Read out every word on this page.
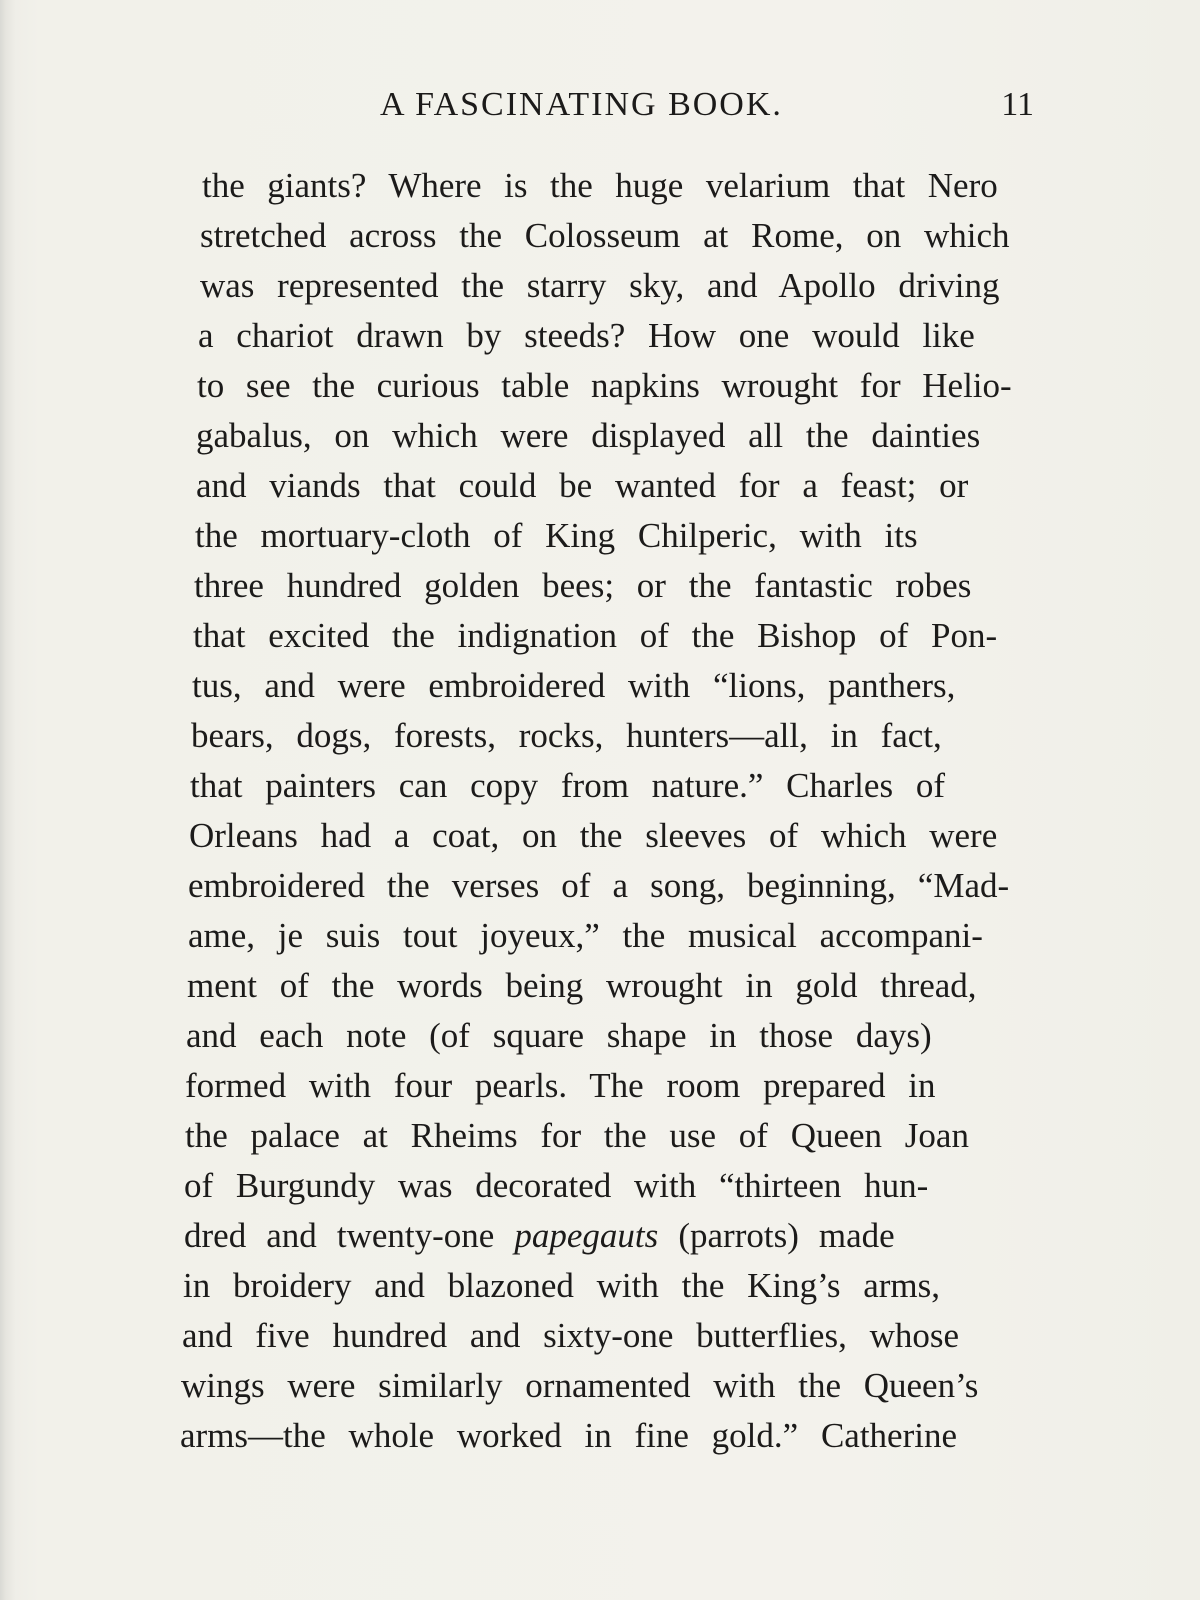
A FASCINATING BOOK.	11
the giants? Where is the huge velarium that Nero
stretched across the Colosseum at Rome, on which
was represented the starry sky, and Apollo driving
a chariot drawn by steeds? How one would like
to see the curious table napkins wrought for Helio-
gabalus, on which were displayed all the dainties
and viands that could be wanted for a feast; or
the mortuary-cloth of King Chilperic, with its
three hundred golden bees; or the fantastic robes
that excited the indignation of the Bishop of Pon-
tus, and were embroidered with “lions, panthers,
bears, dogs, forests, rocks, hunters—all, in fact,
that painters can copy from nature.” Charles of
Orleans had a coat, on the sleeves of which were
embroidered the verses of a song, beginning, “Mad-
ame, je suis tout joyeux,” the musical accompani-
ment of the words being wrought in gold thread,
and each note (of square shape in those days)
formed with four pearls. The room prepared in
the palace at Rheims for the use of Queen Joan
of Burgundy was decorated with “thirteen hun-
dred and twenty-one papegauts (parrots) made
in broidery and blazoned with the King’s arms,
and five hundred and sixty-one butterflies, whose
wings were similarly ornamented with the Queen’s
arms—the whole worked in fine gold.” Catherine
